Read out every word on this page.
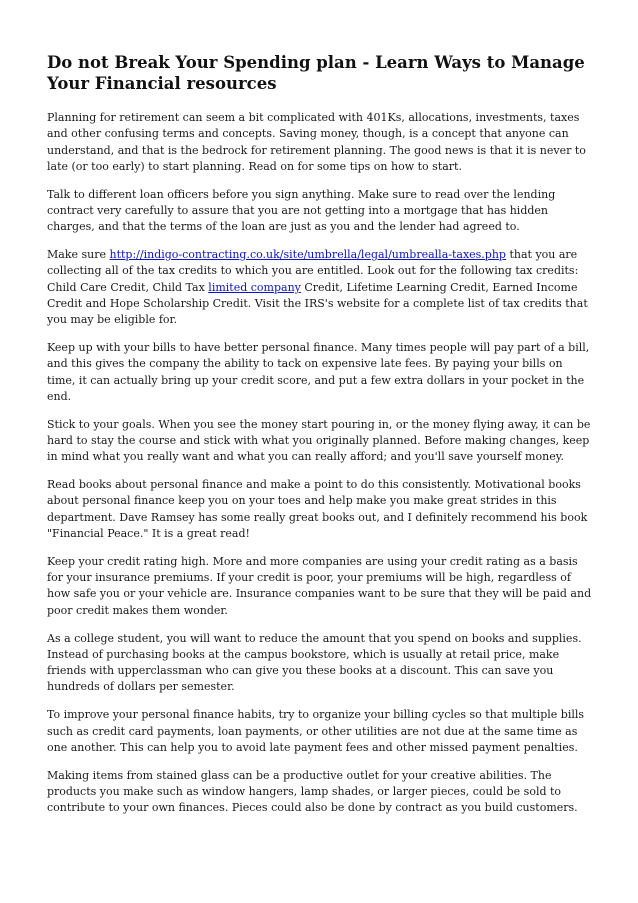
Do not Break Your Spending plan - Learn Ways to Manage Your Financial resources

Planning for retirement can seem a bit complicated with 401Ks, allocations, investments, taxes and other confusing terms and concepts. Saving money, though, is a concept that anyone can understand, and that is the bedrock for retirement planning. The good news is that it is never to late (or too early) to start planning. Read on for some tips on how to start.

Talk to different loan officers before you sign anything. Make sure to read over the lending contract very carefully to assure that you are not getting into a mortgage that has hidden charges, and that the terms of the loan are just as you and the lender had agreed to.

Make sure http://indigo-contracting.co.uk/site/umbrella/legal/umbrealla-taxes.php that you are collecting all of the tax credits to which you are entitled. Look out for the following tax credits: Child Care Credit, Child Tax limited company Credit, Lifetime Learning Credit, Earned Income Credit and Hope Scholarship Credit. Visit the IRS's website for a complete list of tax credits that you may be eligible for.

Keep up with your bills to have better personal finance. Many times people will pay part of a bill, and this gives the company the ability to tack on expensive late fees. By paying your bills on time, it can actually bring up your credit score, and put a few extra dollars in your pocket in the end.

Stick to your goals. When you see the money start pouring in, or the money flying away, it can be hard to stay the course and stick with what you originally planned. Before making changes, keep in mind what you really want and what you can really afford; and you'll save yourself money.

Read books about personal finance and make a point to do this consistently. Motivational books about personal finance keep you on your toes and help make you make great strides in this department. Dave Ramsey has some really great books out, and I definitely recommend his book "Financial Peace." It is a great read!

Keep your credit rating high. More and more companies are using your credit rating as a basis for your insurance premiums. If your credit is poor, your premiums will be high, regardless of how safe you or your vehicle are. Insurance companies want to be sure that they will be paid and poor credit makes them wonder.

As a college student, you will want to reduce the amount that you spend on books and supplies. Instead of purchasing books at the campus bookstore, which is usually at retail price, make friends with upperclassman who can give you these books at a discount. This can save you hundreds of dollars per semester.

To improve your personal finance habits, try to organize your billing cycles so that multiple bills such as credit card payments, loan payments, or other utilities are not due at the same time as one another. This can help you to avoid late payment fees and other missed payment penalties.

Making items from stained glass can be a productive outlet for your creative abilities. The products you make such as window hangers, lamp shades, or larger pieces, could be sold to contribute to your own finances. Pieces could also be done by contract as you build customers.
